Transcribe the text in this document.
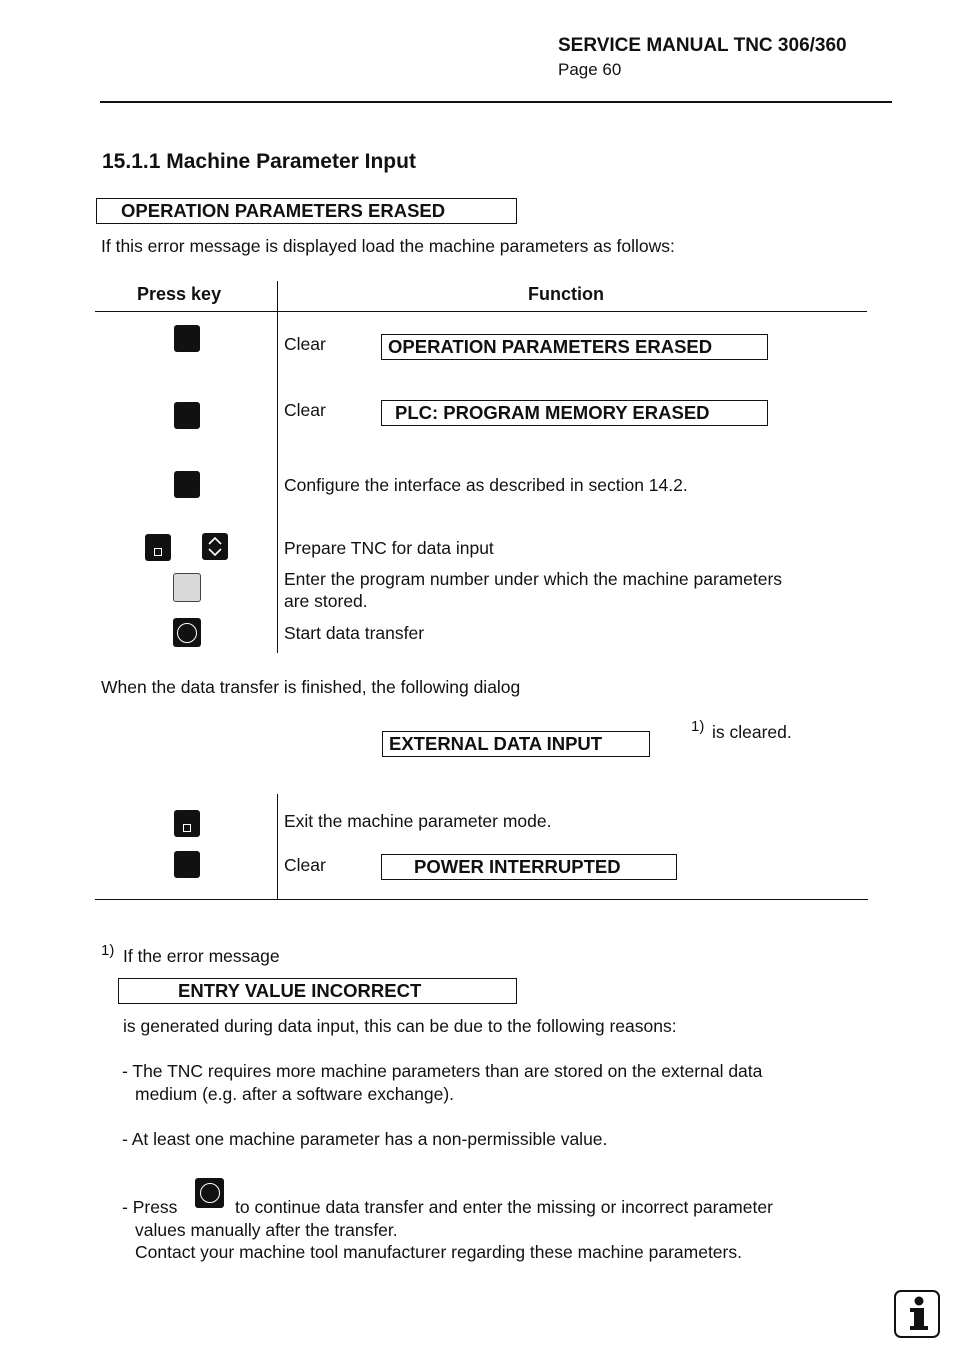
SERVICE MANUAL TNC 306/360
Page 60
15.1.1 Machine Parameter Input
OPERATION PARAMETERS ERASED
If this error message is displayed load the machine parameters as follows:
Press key	Function
Clear	OPERATION PARAMETERS ERASED
Clear	PLC: PROGRAM MEMORY ERASED
Configure the interface as described in section 14.2.
Prepare TNC for data input
Enter the program number under which the machine parameters
are stored.
Start data transfer
When the data transfer is finished, the following dialog
EXTERNAL DATA INPUT
1) is cleared.
Exit the machine parameter mode.
Clear	POWER INTERRUPTED
1) If the error message
ENTRY VALUE INCORRECT
is generated during data input, this can be due to the following reasons:
- The TNC requires more machine parameters than are stored on the external data
medium (e.g. after a software exchange).
- At least one machine parameter has a non-permissible value.
- Press	to continue data transfer and enter the missing or incorrect parameter
values manually after the transfer.
Contact your machine tool manufacturer regarding these machine parameters.
